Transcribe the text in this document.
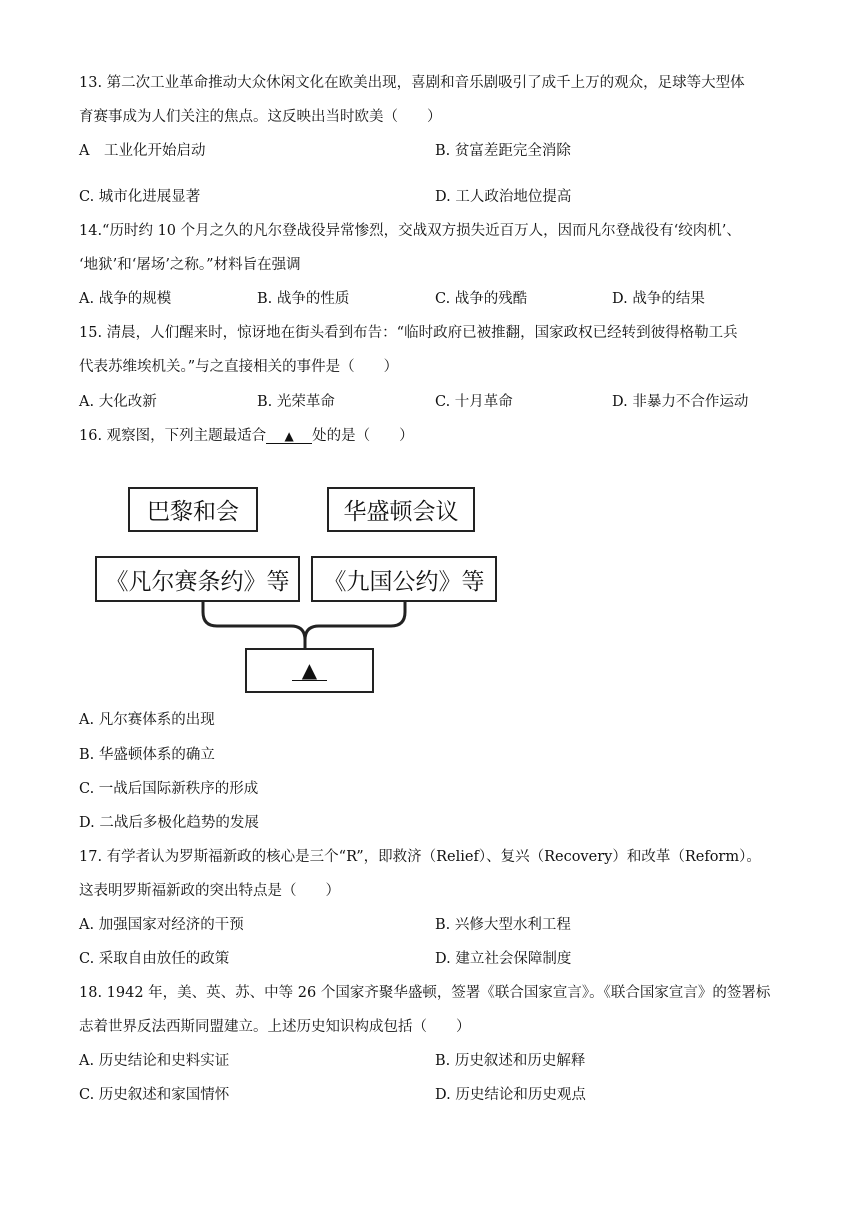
13. 第二次工业革命推动大众休闲文化在欧美出现，喜剧和音乐剧吸引了成千上万的观众，足球等大型体
育赛事成为人们关注的焦点。这反映出当时欧美（　　）
A　工业化开始启动	B. 贫富差距完全消除
C. 城市化进展显著	D. 工人政治地位提高
14.“历时约 10 个月之久的凡尔登战役异常惨烈，交战双方损失近百万人，因而凡尔登战役有‘绞肉机’、
‘地狱’和‘屠场’之称。”材料旨在强调
A. 战争的规模	B. 战争的性质	C. 战争的残酷	D. 战争的结果
15. 清晨，人们醒来时，惊讶地在街头看到布告：“临时政府已被推翻，国家政权已经转到彼得格勒工兵
代表苏维埃机关。”与之直接相关的事件是（　　）
A. 大化改新	B. 光荣革命	C. 十月革命	D. 非暴力不合作运动
16. 观察图，下列主题最适合 ▲ 处的是（　　）
巴黎和会	华盛顿会议
《凡尔赛条约》等	《九国公约》等
▲
A. 凡尔赛体系的出现
B. 华盛顿体系的确立
C. 一战后国际新秩序的形成
D. 二战后多极化趋势的发展
17. 有学者认为罗斯福新政的核心是三个“R”，即救济（Relief）、复兴（Recovery）和改革（Reform）。
这表明罗斯福新政的突出特点是（　　）
A. 加强国家对经济的干预	B. 兴修大型水利工程
C. 采取自由放任的政策	D. 建立社会保障制度
18. 1942 年，美、英、苏、中等 26 个国家齐聚华盛顿，签署《联合国家宣言》。《联合国家宣言》的签署标
志着世界反法西斯同盟建立。上述历史知识构成包括（　　）
A. 历史结论和史料实证	B. 历史叙述和历史解释
C. 历史叙述和家国情怀	D. 历史结论和历史观点
